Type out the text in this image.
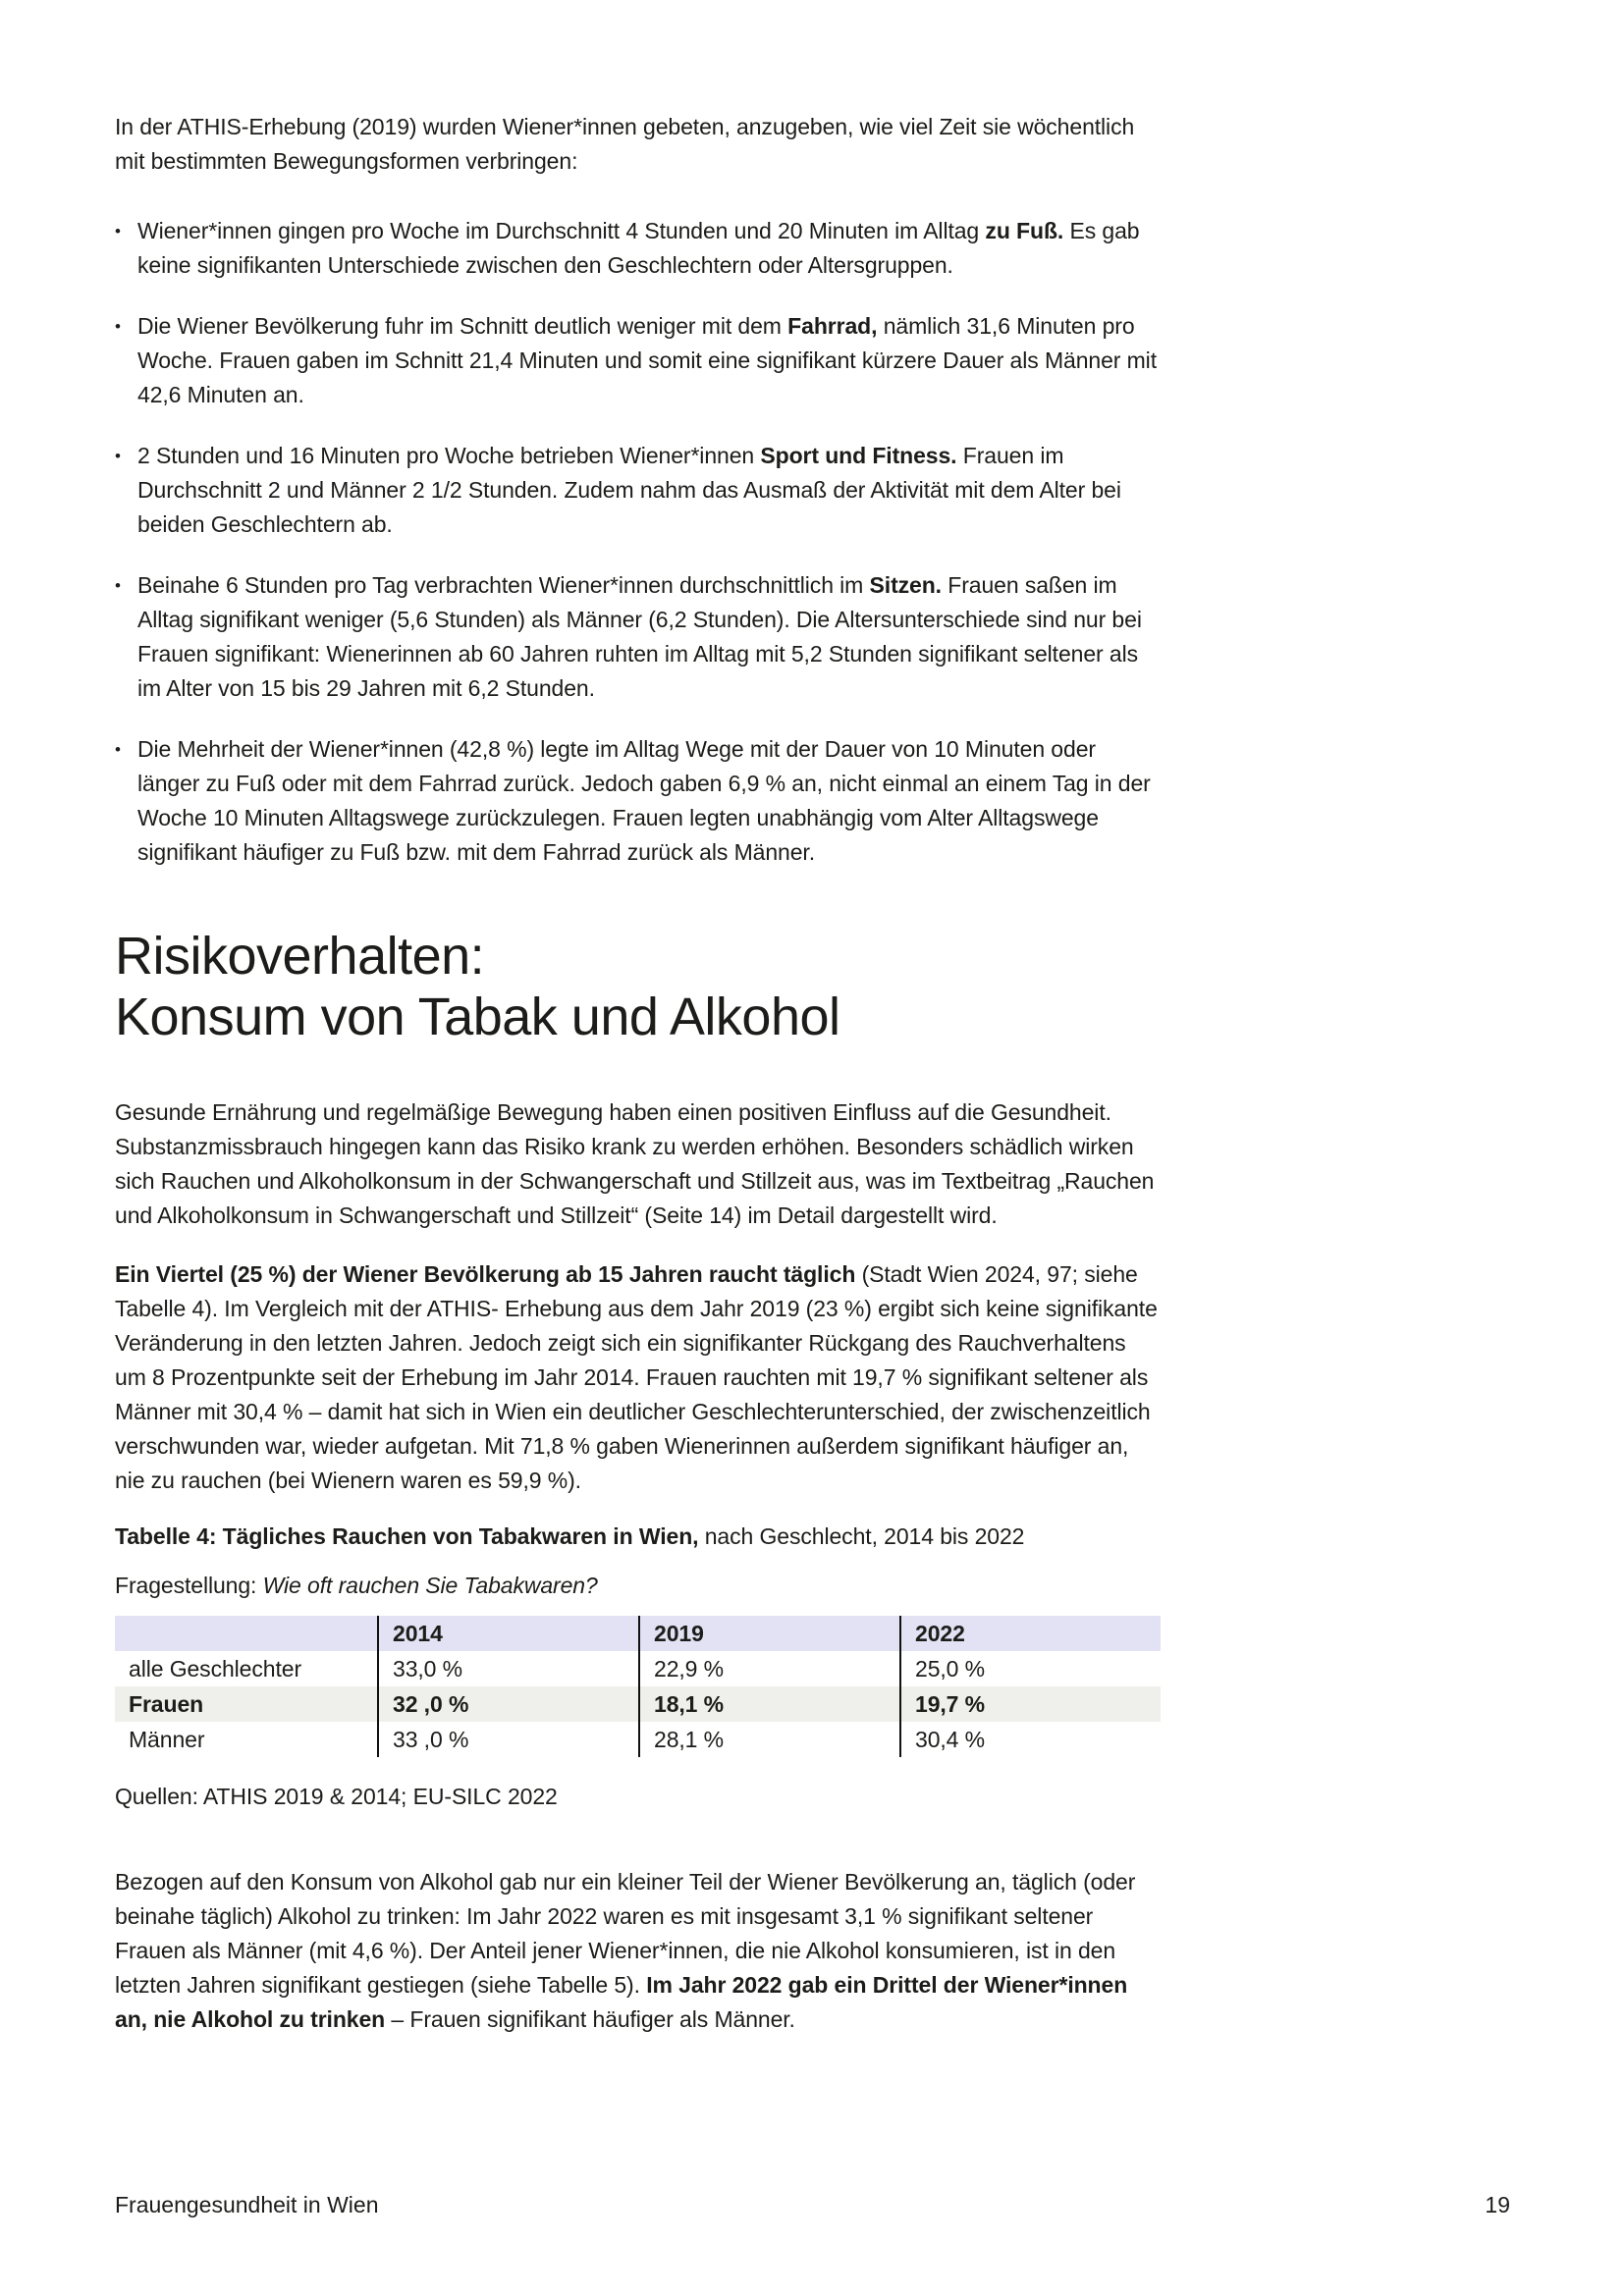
In der ATHIS-Erhebung (2019) wurden Wiener*innen gebeten, anzugeben, wie viel Zeit sie wöchentlich mit bestimmten Bewegungsformen verbringen:

• Wiener*innen gingen pro Woche im Durchschnitt 4 Stunden und 20 Minuten im Alltag zu Fuß. Es gab keine signifikanten Unterschiede zwischen den Geschlechtern oder Altersgruppen.
• Die Wiener Bevölkerung fuhr im Schnitt deutlich weniger mit dem Fahrrad, nämlich 31,6 Minuten pro Woche. Frauen gaben im Schnitt 21,4 Minuten und somit eine signifikant kürzere Dauer als Männer mit 42,6 Minuten an.
• 2 Stunden und 16 Minuten pro Woche betrieben Wiener*innen Sport und Fitness. Frauen im Durchschnitt 2 und Männer 2 1/2 Stunden. Zudem nahm das Ausmaß der Aktivität mit dem Alter bei beiden Geschlechtern ab.
• Beinahe 6 Stunden pro Tag verbrachten Wiener*innen durchschnittlich im Sitzen. Frauen saßen im Alltag signifikant weniger (5,6 Stunden) als Männer (6,2 Stunden). Die Altersunterschiede sind nur bei Frauen signifikant: Wienerinnen ab 60 Jahren ruhten im Alltag mit 5,2 Stunden signifikant seltener als im Alter von 15 bis 29 Jahren mit 6,2 Stunden.
• Die Mehrheit der Wiener*innen (42,8 %) legte im Alltag Wege mit der Dauer von 10 Minuten oder länger zu Fuß oder mit dem Fahrrad zurück. Jedoch gaben 6,9 % an, nicht einmal an einem Tag in der Woche 10 Minuten Alltagswege zurückzulegen. Frauen legten unabhängig vom Alter Alltagswege signifikant häufiger zu Fuß bzw. mit dem Fahrrad zurück als Männer.
Risikoverhalten:
Konsum von Tabak und Alkohol

Gesunde Ernährung und regelmäßige Bewegung haben einen positiven Einfluss auf die Gesundheit. Substanzmissbrauch hingegen kann das Risiko krank zu werden erhöhen. Besonders schädlich wirken sich Rauchen und Alkoholkonsum in der Schwangerschaft und Stillzeit aus, was im Textbeitrag „Rauchen und Alkoholkonsum in Schwangerschaft und Stillzeit“ (Seite 14) im Detail dargestellt wird.

Ein Viertel (25 %) der Wiener Bevölkerung ab 15 Jahren raucht täglich (Stadt Wien 2024, 97; siehe Tabelle 4). Im Vergleich mit der ATHIS- Erhebung aus dem Jahr 2019 (23 %) ergibt sich keine signifikante Veränderung in den letzten Jahren. Jedoch zeigt sich ein signifikanter Rückgang des Rauchverhaltens um 8 Prozentpunkte seit der Erhebung im Jahr 2014. Frauen rauchten mit 19,7 % signifikant seltener als Männer mit 30,4 % – damit hat sich in Wien ein deutlicher Geschlechterunterschied, der zwischenzeitlich verschwunden war, wieder aufgetan. Mit 71,8 % gaben Wienerinnen außerdem signifikant häufiger an, nie zu rauchen (bei Wienern waren es 59,9 %).

Tabelle 4: Tägliches Rauchen von Tabakwaren in Wien, nach Geschlecht, 2014 bis 2022

Fragestellung: Wie oft rauchen Sie Tabakwaren?

	2014	2019	2022
alle Geschlechter	33,0 %	22,9 %	25,0 %
Frauen	32 ,0 %	18,1 %	19,7 %
Männer	33 ,0 %	28,1 %	30,4 %

Quellen: ATHIS 2019 & 2014; EU-SILC 2022

Bezogen auf den Konsum von Alkohol gab nur ein kleiner Teil der Wiener Bevölkerung an, täglich (oder beinahe täglich) Alkohol zu trinken: Im Jahr 2022 waren es mit insgesamt 3,1 % signifikant seltener Frauen als Männer (mit 4,6 %). Der Anteil jener Wiener*innen, die nie Alkohol konsumieren, ist in den letzten Jahren signifikant gestiegen (siehe Tabelle 5). Im Jahr 2022 gab ein Drittel der Wiener*innen an, nie Alkohol zu trinken – Frauen signifikant häufiger als Männer.

Frauengesundheit in Wien	19
